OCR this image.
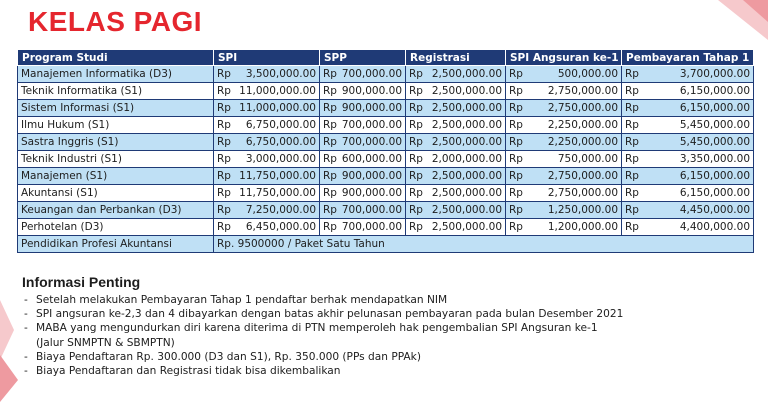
KELAS PAGI
Program Studi	SPI	SPP	Registrasi	SPI Angsuran ke-1	Pembayaran Tahap 1
Manajemen Informatika (D3)	Rp 3,500,000.00	Rp 700,000.00	Rp 2,500,000.00	Rp 500,000.00	Rp 3,700,000.00

Teknik Informatika (S1)	Rp 11,000,000.00	Rp 900,000.00	Rp 2,500,000.00	Rp 2,750,000.00	Rp 6,150,000.00

Sistem Informasi (S1)	Rp 11,000,000.00	Rp 900,000.00	Rp 2,500,000.00	Rp 2,750,000.00	Rp 6,150,000.00

Ilmu Hukum (S1)	Rp 6,750,000.00	Rp 700,000.00	Rp 2,500,000.00	Rp 2,250,000.00	Rp 5,450,000.00

Sastra Inggris (S1)	Rp 6,750,000.00	Rp 700,000.00	Rp 2,500,000.00	Rp 2,250,000.00	Rp 5,450,000.00

Teknik Industri (S1)	Rp 3,000,000.00	Rp 600,000.00	Rp 2,000,000.00	Rp 750,000.00	Rp 3,350,000.00

Manajemen (S1)	Rp 11,750,000.00	Rp 900,000.00	Rp 2,500,000.00	Rp 2,750,000.00	Rp 6,150,000.00

Akuntansi (S1)	Rp 11,750,000.00	Rp 900,000.00	Rp 2,500,000.00	Rp 2,750,000.00	Rp 6,150,000.00

Keuangan dan Perbankan (D3)	Rp 7,250,000.00	Rp 700,000.00	Rp 2,500,000.00	Rp 1,250,000.00	Rp 4,450,000.00

Perhotelan (D3)	Rp 6,450,000.00	Rp 700,000.00	Rp 2,500,000.00	Rp 1,200,000.00	Rp 4,400,000.00

Pendidikan Profesi Akuntansi	Rp. 9500000 / Paket Satu Tahun				
Informasi Penting
- Setelah melakukan Pembayaran Tahap 1 pendaftar berhak mendapatkan NIM
- SPI angsuran ke-2,3 dan 4 dibayarkan dengan batas akhir pelunasan pembayaran pada bulan Desember 2021
- MABA yang mengundurkan diri karena diterima di PTN memperoleh hak pengembalian SPI Angsuran ke-1
(Jalur SNMPTN & SBMPTN)
- Biaya Pendaftaran Rp. 300.000 (D3 dan S1), Rp. 350.000 (PPs dan PPAk)
- Biaya Pendaftaran dan Registrasi tidak bisa dikembalikan
